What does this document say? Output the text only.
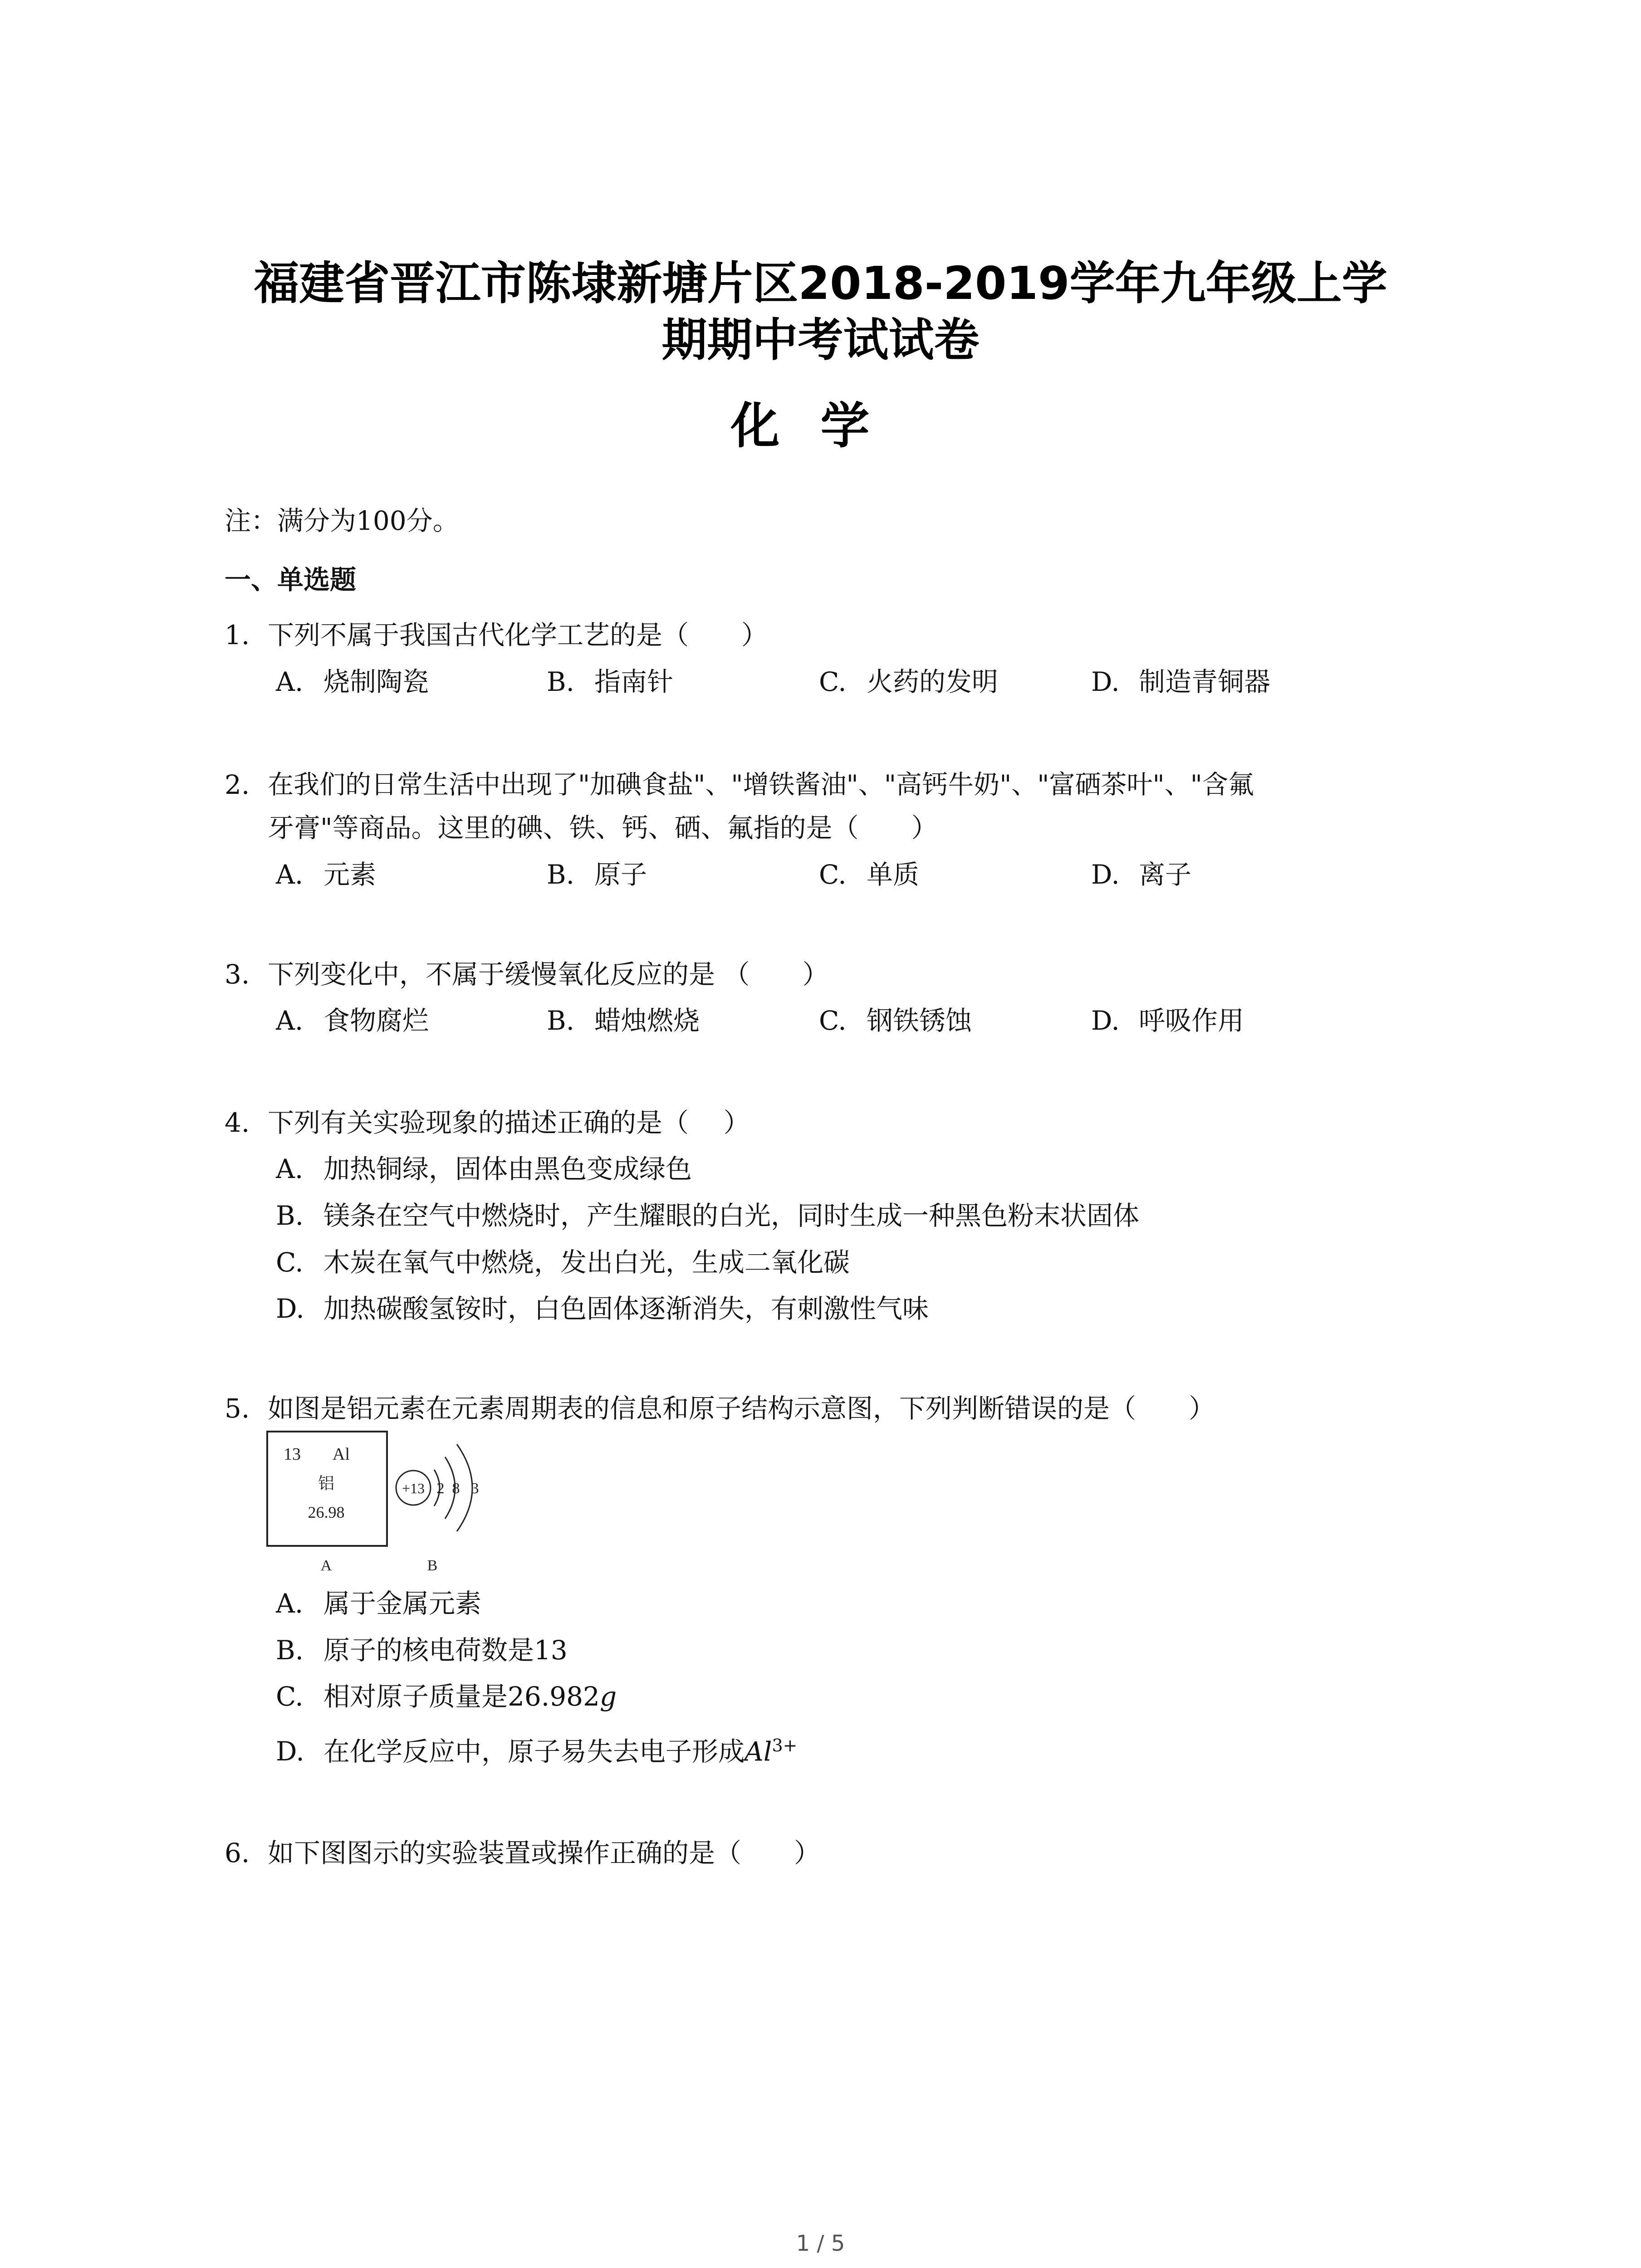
福建省晋江市陈埭新塘片区2018-2019学年九年级上学
期期中考试试卷
化学
注：满分为100分。
一、单选题
1. 下列不属于我国古代化学工艺的是（　　）
A. 烧制陶瓷	B. 指南针	C. 火药的发明	D. 制造青铜器
2. 在我们的日常生活中出现了"加碘食盐"、"增铁酱油"、"高钙牛奶"、"富硒茶叶"、"含氟
牙膏"等商品。这里的碘、铁、钙、硒、氟指的是（　　）
A. 元素	B. 原子	C. 单质	D. 离子
3. 下列变化中，不属于缓慢氧化反应的是 （　　）
A. 食物腐烂	B. 蜡烛燃烧	C. 钢铁锈蚀	D. 呼吸作用
4. 下列有关实验现象的描述正确的是（　 ）
A. 加热铜绿，固体由黑色变成绿色
B. 镁条在空气中燃烧时，产生耀眼的白光，同时生成一种黑色粉末状固体
C. 木炭在氧气中燃烧，发出白光，生成二氧化碳
D. 加热碳酸氢铵时，白色固体逐渐消失，有刺激性气味
5. 如图是铝元素在元素周期表的信息和原子结构示意图，下列判断错误的是（　　）
13 Al
铝
26.98
A
+13 2 8 3
B
A. 属于金属元素
B. 原子的核电荷数是13
C. 相对原子质量是26.982g
D. 在化学反应中，原子易失去电子形成$Al^{3+}$
6. 如下图图示的实验装置或操作正确的是（　　）
1 / 5
